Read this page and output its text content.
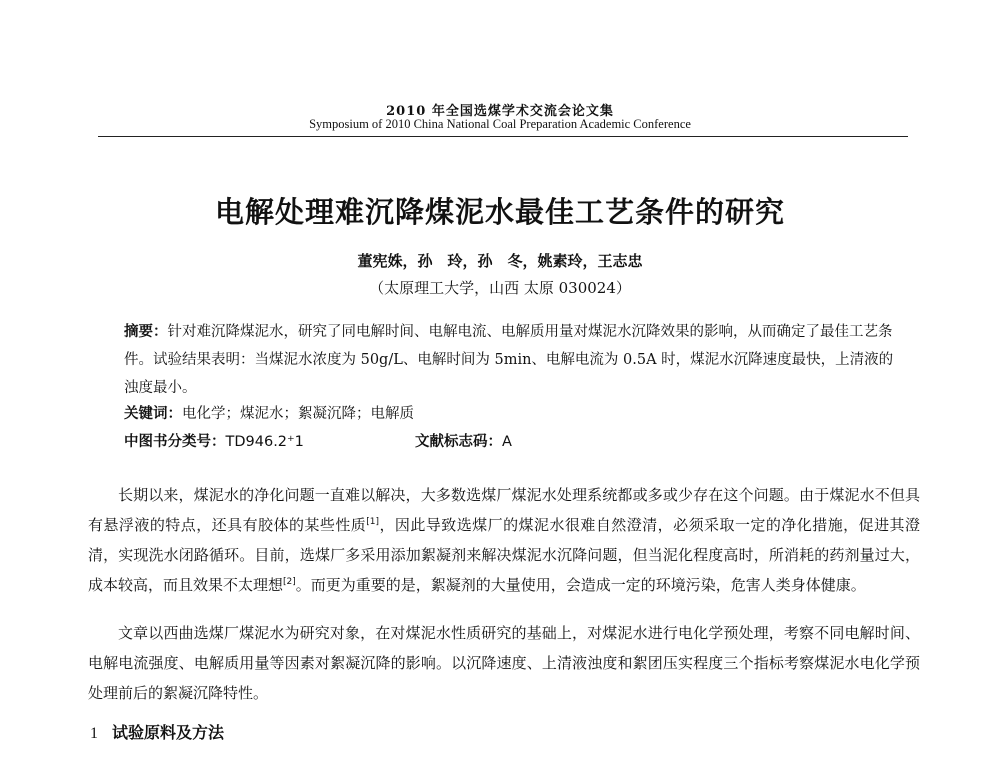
2010 年全国选煤学术交流会论文集
Symposium of 2010 China National Coal Preparation Academic Conference
电解处理难沉降煤泥水最佳工艺条件的研究
董宪姝，孙　玲，孙　冬，姚素玲，王志忠
（太原理工大学，山西 太原 030024）
摘要：针对难沉降煤泥水，研究了同电解时间、电解电流、电解质用量对煤泥水沉降效果的影响，从而确定了最佳工艺条件。试验结果表明：当煤泥水浓度为 50g/L、电解时间为 5min、电解电流为 0.5A 时，煤泥水沉降速度最快，上清液的浊度最小。
关键词：电化学；煤泥水；絮凝沉降；电解质
中图书分类号：TD946.2⁺1	文献标志码：A
长期以来，煤泥水的净化问题一直难以解决，大多数选煤厂煤泥水处理系统都或多或少存在这个问题。由于煤泥水不但具有悬浮液的特点，还具有胶体的某些性质[1]，因此导致选煤厂的煤泥水很难自然澄清，必须采取一定的净化措施，促进其澄清，实现洗水闭路循环。目前，选煤厂多采用添加絮凝剂来解决煤泥水沉降问题，但当泥化程度高时，所消耗的药剂量过大，成本较高，而且效果不太理想[2]。而更为重要的是，絮凝剂的大量使用，会造成一定的环境污染，危害人类身体健康。
文章以西曲选煤厂煤泥水为研究对象，在对煤泥水性质研究的基础上，对煤泥水进行电化学预处理，考察不同电解时间、电解电流强度、电解质用量等因素对絮凝沉降的影响。以沉降速度、上清液浊度和絮团压实程度三个指标考察煤泥水电化学预处理前后的絮凝沉降特性。
1 试验原料及方法
